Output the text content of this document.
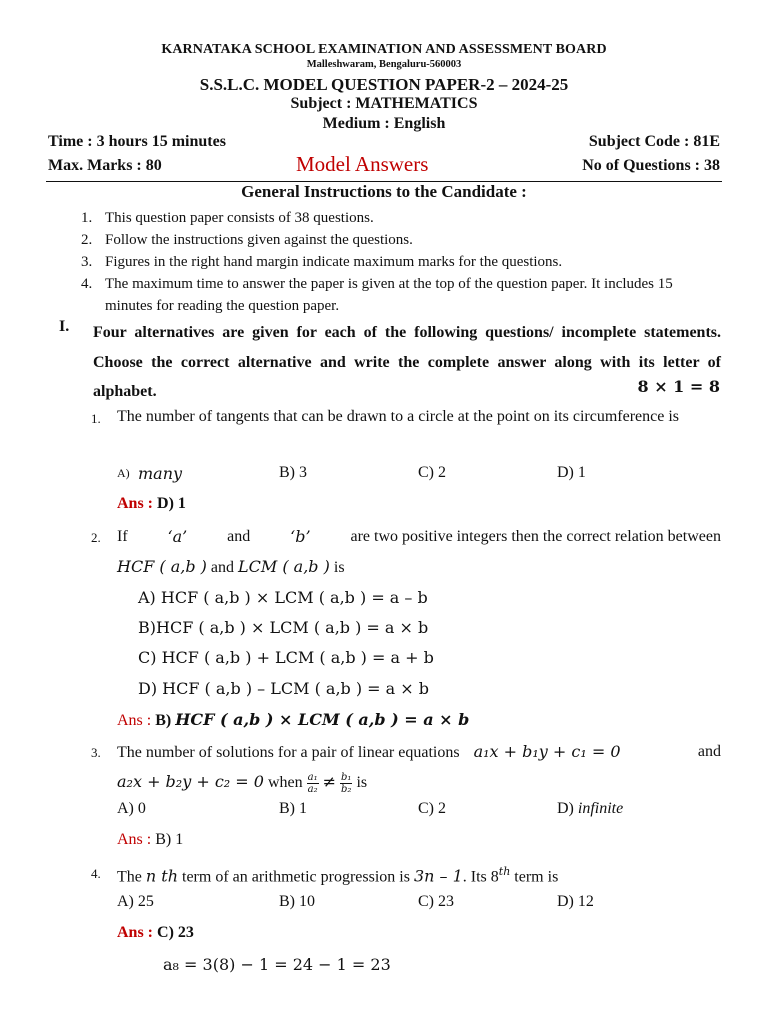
KARNATAKA SCHOOL EXAMINATION AND ASSESSMENT BOARD
Malleshwaram, Bengaluru-560003
S.S.L.C. MODEL QUESTION PAPER-2 – 2024-25
Subject : MATHEMATICS
Medium : English
Time : 3 hours 15 minutes	Subject Code : 81E
Max. Marks : 80	Model Answers	No of Questions : 38
General Instructions to the Candidate :
1. This question paper consists of 38 questions.
2. Follow the instructions given against the questions.
3. Figures in the right hand margin indicate maximum marks for the questions.
4. The maximum time to answer the paper is given at the top of the question paper. It includes 15 minutes for reading the question paper.
I. Four alternatives are given for each of the following questions/ incomplete statements. Choose the correct alternative and write the complete answer along with its letter of alphabet.	8 × 1 = 8
1. The number of tangents that can be drawn to a circle at the point on its circumference is
A) many	B) 3	C) 2	D) 1
Ans : D) 1
2. If ‘a’ and ‘b’ are two positive integers then the correct relation between
HCF ( a,b ) and LCM ( a,b ) is
A) HCF ( a,b ) × LCM ( a,b ) = a – b
B)HCF ( a,b ) × LCM ( a,b ) = a × b
C) HCF ( a,b ) + LCM ( a,b ) = a + b
D) HCF ( a,b ) – LCM ( a,b ) = a × b
Ans : B) HCF ( a,b ) × LCM ( a,b ) = a × b
3. The number of solutions for a pair of linear equations a₁x + b₁y + c₁ = 0	and
a₂x + b₂y + c₂ = 0 when $\frac{\text{a₁}}{\text{a₂}} \ne \frac{\text{b₁}}{\text{b₂}}$ is
A) 0	B) 1	C) 2	D) infinite
Ans : B) 1
4. The n th term of an arithmetic progression is 3n – 1. Its 8th term is
A) 25	B) 10	C) 23	D) 12
Ans : C) 23
a₈ = 3(8) − 1 = 24 − 1 = 23
